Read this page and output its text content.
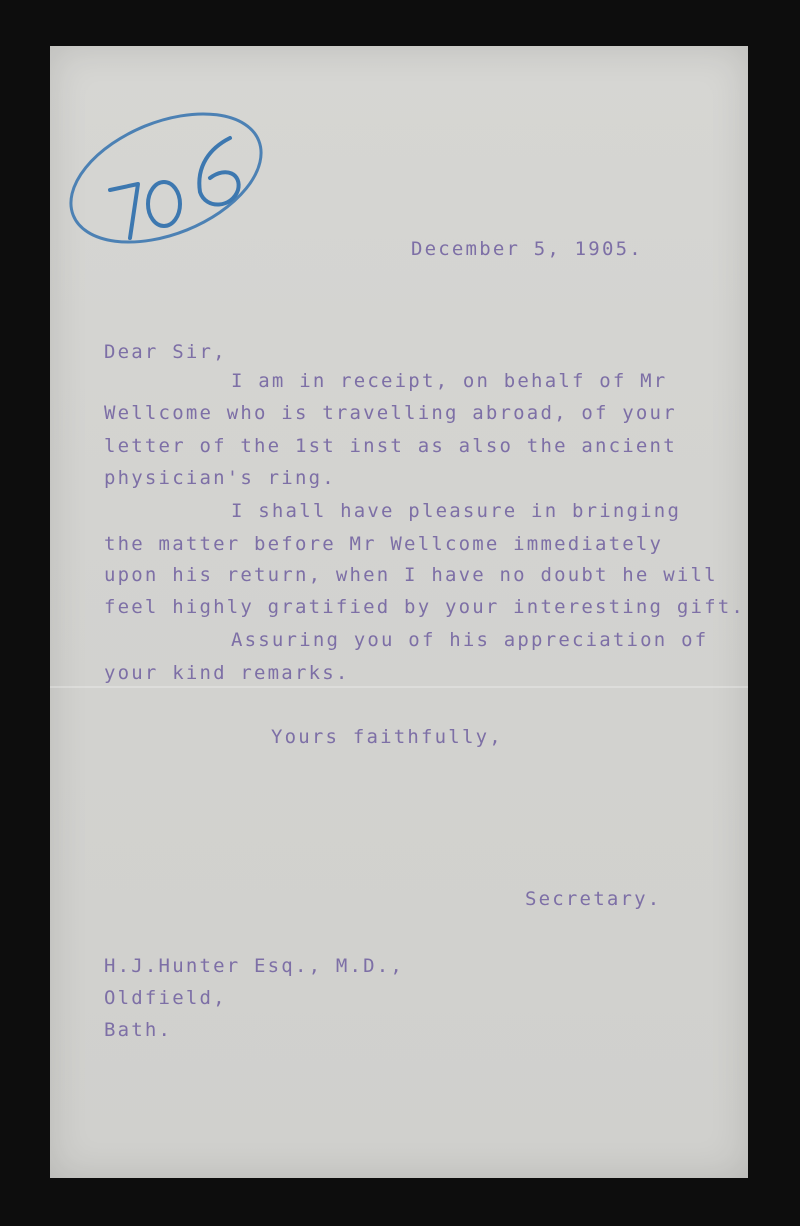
December 5, 1905.
Dear Sir,
I am in receipt, on behalf of Mr
Wellcome who is travelling abroad, of your
letter of the 1st inst as also the ancient
physician's ring.
I shall have pleasure in bringing
the matter before Mr Wellcome immediately
upon his return, when I have no doubt he will
feel highly gratified by your interesting gift.
Assuring you of his appreciation of
your kind remarks.
Yours faithfully,
Secretary.
H.J.Hunter Esq., M.D.,
Oldfield,
Bath.
